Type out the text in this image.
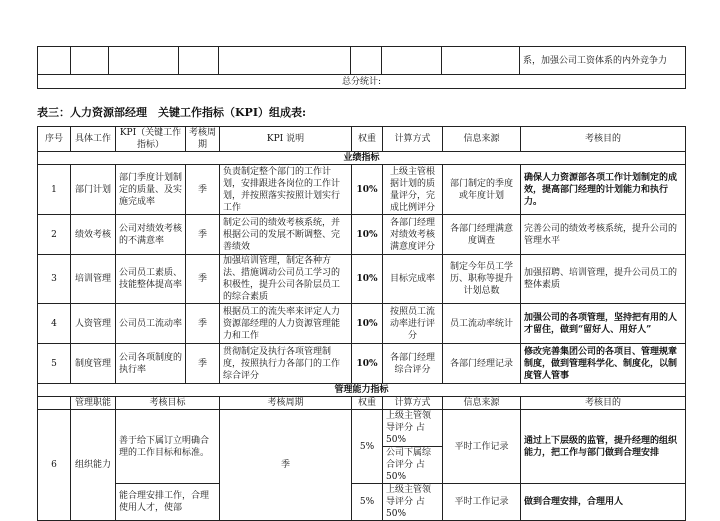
								系，加强公司工资体系的内外竞争力
总分统计:
表三：人力资源部经理　关键工作指标（KPI）组成表:
序号	具体工作	KPI（关键工作指标）	考核周期	KPI 说明	权重	计算方式	信息来源	考核目的
业绩指标								
1	部门计划	部门季度计划制定的质量、及实施完成率	季	负责制定整个部门的工作计划，安排跟进各岗位的工作计划，并按照落实按照计划实行工作	10%	上级主管根据计划的质量评分，完成比例评分	部门制定的季度或年度计划	确保人力资源部各项工作计划制定的成效，提高部门经理的计划能力和执行力。
2	绩效考核	公司对绩效考核的不满意率	季	制定公司的绩效考核系统，并根据公司的发展不断调整、完善绩效	10%	各部门经理对绩效考核满意度评分	各部门经理满意度调查	完善公司的绩效考核系统，提升公司的管理水平
3	培训管理	公司员工素质、技能整体提高率	季	加强培训管理，制定各种方法、措施调动公司员工学习的积极性，提升公司各阶层员工的综合素质	10%	目标完成率	制定今年员工学历、职称等提升计划总数	加强招聘、培训管理，提升公司员工的整体素质
4	人资管理	公司员工流动率	季	根据员工的流失率来评定人力资源部经理的人力资源管理能力和工作	10%	按照员工流动率进行评分	员工流动率统计	加强公司的各项管理，坚持把有用的人才留住，做到“留好人、用好人”
5	制度管理	公司各项制度的执行率	季	贯彻制定及执行各项管理制度，按照执行力各部门的工作综合评分	10%	各部门经理综合评分	各部门经理记录	修改完善集团公司的各项目、管理规章制度，做到管理科学化、制度化，以制度管人管事
管理能力指标								
	管理职能	考核目标		考核周期	权重	计算方式	信息来源	考核目的
6	组织能力	善于给下属订立明确合理的工作目标和标准。		季	5%	上级主管领导评分 占50%
公司下属综合评分 占50%	平时工作记录	通过上下层级的监管，提升经理的组织能力，把工作与部门做到合理安排
		能合理安排工作，合理使用人才，使部			5%	上级主管领导评分 占50%	平时工作记录	做到合理安排，合理用人
